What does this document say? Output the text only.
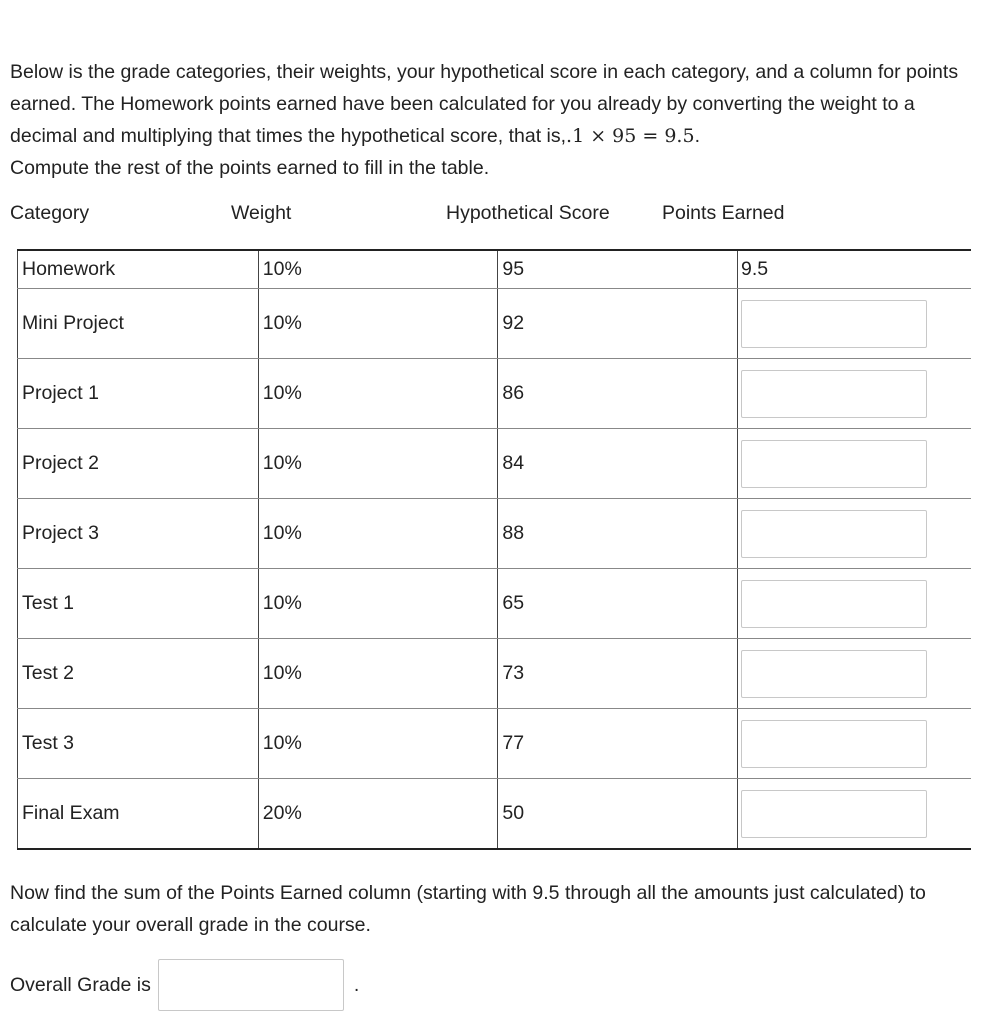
Below is the grade categories, their weights, your hypothetical score in each category, and a column for points earned. The Homework points earned have been calculated for you already by converting the weight to a decimal and multiplying that times the hypothetical score, that is,.1 × 95 = 9.5.
Compute the rest of the points earned to fill in the table.
Category	Weight	Hypothetical Score	Points Earned
Homework	10%	95	9.5
Mini Project	10%	92	

Project 1	10%	86	

Project 2	10%	84	

Project 3	10%	88	

Test 1	10%	65	

Test 2	10%	73	

Test 3	10%	77	

Final Exam	20%	50	
Now find the sum of the Points Earned column (starting with 9.5 through all the amounts just calculated) to calculate your overall grade in the course.
Overall Grade is	.
